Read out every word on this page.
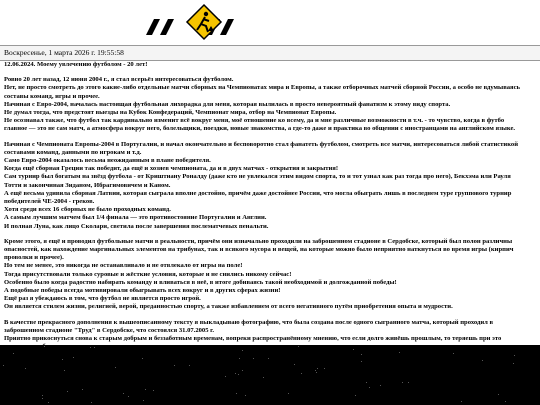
Воскресенье, 1 марта 2026 г. 19:55:58

12.06.2024. Моему увлечению футболом - 20 лет!

Ровно 20 лет назад, 12 июня 2004 г., я стал всерьёз интересоваться футболом.

Нет, не просто смотреть до этого какие-либо отдельные матчи сборных на Чемпионатах мира и Европы, а также отборочных матчей сборной России, а особо не вдумываясь

составы команд, игры и прочее.

Начиная с Евро-2004, началась настоящая футбольная лихорадка для меня, которая вылилась в просто невероятный фанатизм к этому виду спорта.

Не думал тогда, что предстоят выезды на Кубок Конфедераций, Чемпионат мира, отбор на Чемпионат Европы.

Не осознавал также, что футбол так кардинально изменит всё вокруг меня, моё отношение ко всему, да и мне различные возможности в т.ч. - то чувство, когда в футбо

главное — это не сам матч, а атмосфера вокруг него, болельщики, поездки, новые знакомства, а где-то даже и практика во общении с иностранцами на английском языке.

Начиная с Чемпионата Европы-2004 в Португалии, и начал окончательно и бесповоротно стал фанатеть футболом, смотреть все матчи, интересоваться либой статистикой

составами команд, данными по игрокам и т.д.

Само Евро-2004 оказалось весьма неожиданным в плане победителя.

Когда ещё сборная Греции так победит, да ещё и хозяев чемпионата, да и в двух матчах - открытия и закрытия!

Сам турнир был богатым на звёзд футбола - от Криштиану Роналду (даже кто не увлекался этим видом спорта, то и тот узнал как раз тогда про него), Бекхэма или Рауля

Тотти и закончиная Зиданом, Ибрагимовичем и Каном.

А ещё весьма удивила сборная Латвии, которая сыграла вполне достойно, причём даже достойнее России, что могла обыграть лишь в последнем туре группового турнир

победителей ЧЕ-2004 - греков.

Хотя среди всех 16 сборных не было проходных команд.

А самым лучшим матчем был 1/4 финала — это противостояние Португалии и Англии.

И полная Луна, как лицо Сколари, светила после завершения послематчевых пенальти.

Кроме этого, я ещё и проводил футбольные матчи в реальности, причём они изначально проходили на заброшенном стадионе в Сердобске, который был полон различны

опасностей, как нахождение маргинальных элементов на трибунах, так и всякого мусора и вещей, на которые можно было неприятно наткнуться во время игры (кирпич

проволки и прочее).

Но тем не менее, это никогда не останавливало и не отвлекало от игры на поле!

Тогда присутствовали только суровые и жёсткие условия, которые и не снились никому сейчас!

Особенно было когда радостно набирать команду и вливаться в неё, в итоге добиваясь такой необходимой и долгожданной победы!

А подобные победы всегда мотивировали обыгрывать всех вокруг и в других сферах жизни!

Ещё раз я убеждаюсь в том, что футбол не является просто игрой.

Он является стилем жизни, религией, верой, преданностью спорту, а также избавлением от всего негативного путём приобретения опыта и мудрости.

В качестве прекрасного дополнения к вышеописанному тексту я выкладываю фотографию, что была создана после одного сыгранного матча, который проходил в

заброшенном стадионе "Труд" в Сердобске, что состоялся 31.07.2005 г.

Приятно прикоснуться снова к старым добрым и беззаботным временам, вопреки распространённому мнению, что если долго живёшь прошлым, то теряешь при это
